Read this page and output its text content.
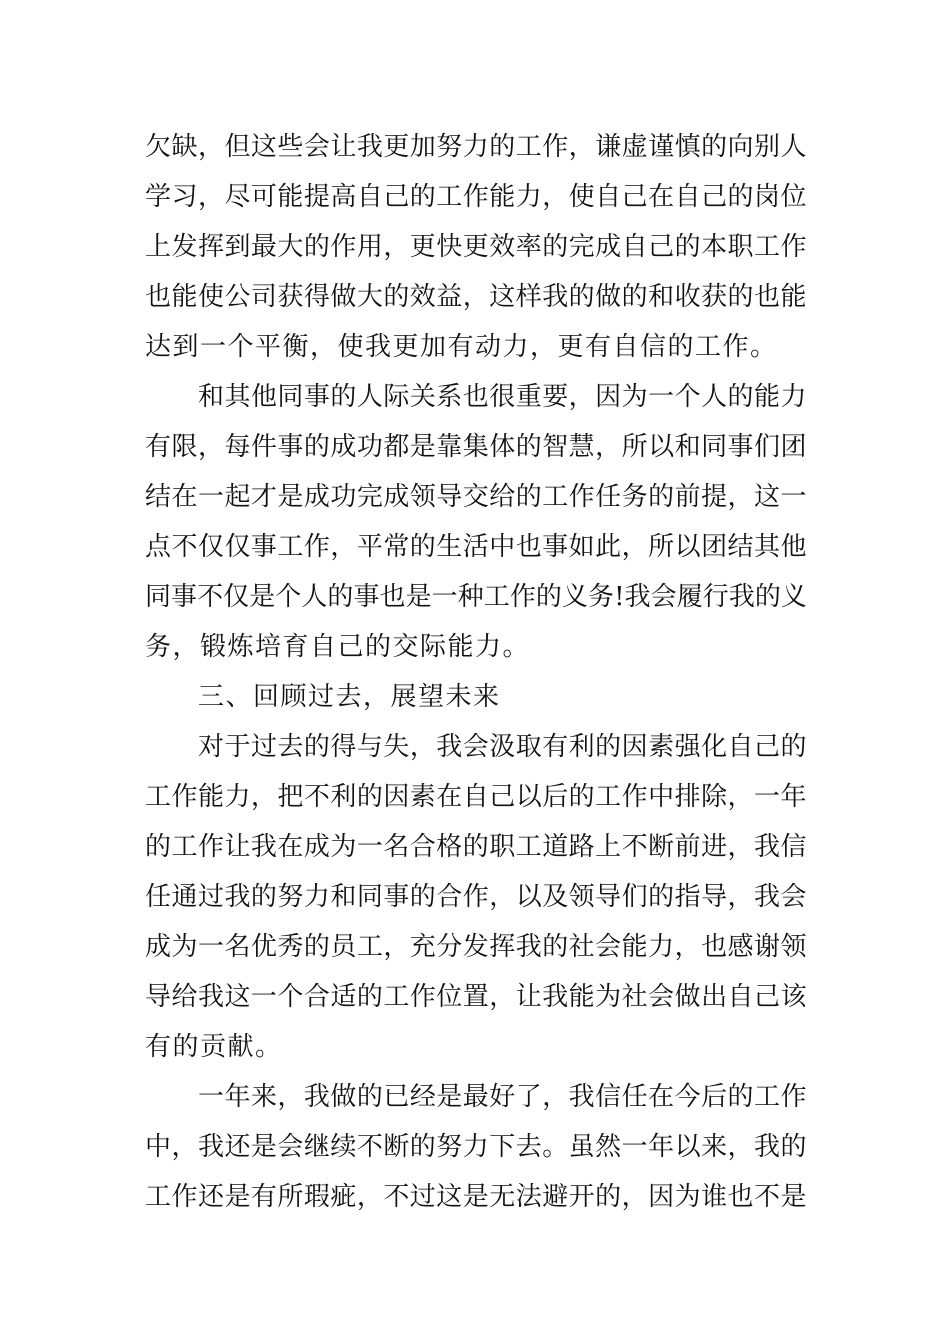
欠缺，但这些会让我更加努力的工作，谦虚谨慎的向别人
学习，尽可能提高自己的工作能力，使自己在自己的岗位
上发挥到最大的作用，更快更效率的完成自己的本职工作
也能使公司获得做大的效益，这样我的做的和收获的也能
达到一个平衡，使我更加有动力，更有自信的工作。
和其他同事的人际关系也很重要，因为一个人的能力
有限，每件事的成功都是靠集体的智慧，所以和同事们团
结在一起才是成功完成领导交给的工作任务的前提，这一
点不仅仅事工作，平常的生活中也事如此，所以团结其他
同事不仅是个人的事也是一种工作的义务!我会履行我的义
务，锻炼培育自己的交际能力。
三、回顾过去，展望未来
对于过去的得与失，我会汲取有利的因素强化自己的
工作能力，把不利的因素在自己以后的工作中排除，一年
的工作让我在成为一名合格的职工道路上不断前进，我信
任通过我的努力和同事的合作，以及领导们的指导，我会
成为一名优秀的员工，充分发挥我的社会能力，也感谢领
导给我这一个合适的工作位置，让我能为社会做出自己该
有的贡献。
一年来，我做的已经是最好了，我信任在今后的工作
中，我还是会继续不断的努力下去。虽然一年以来，我的
工作还是有所瑕疵，不过这是无法避开的，因为谁也不是
